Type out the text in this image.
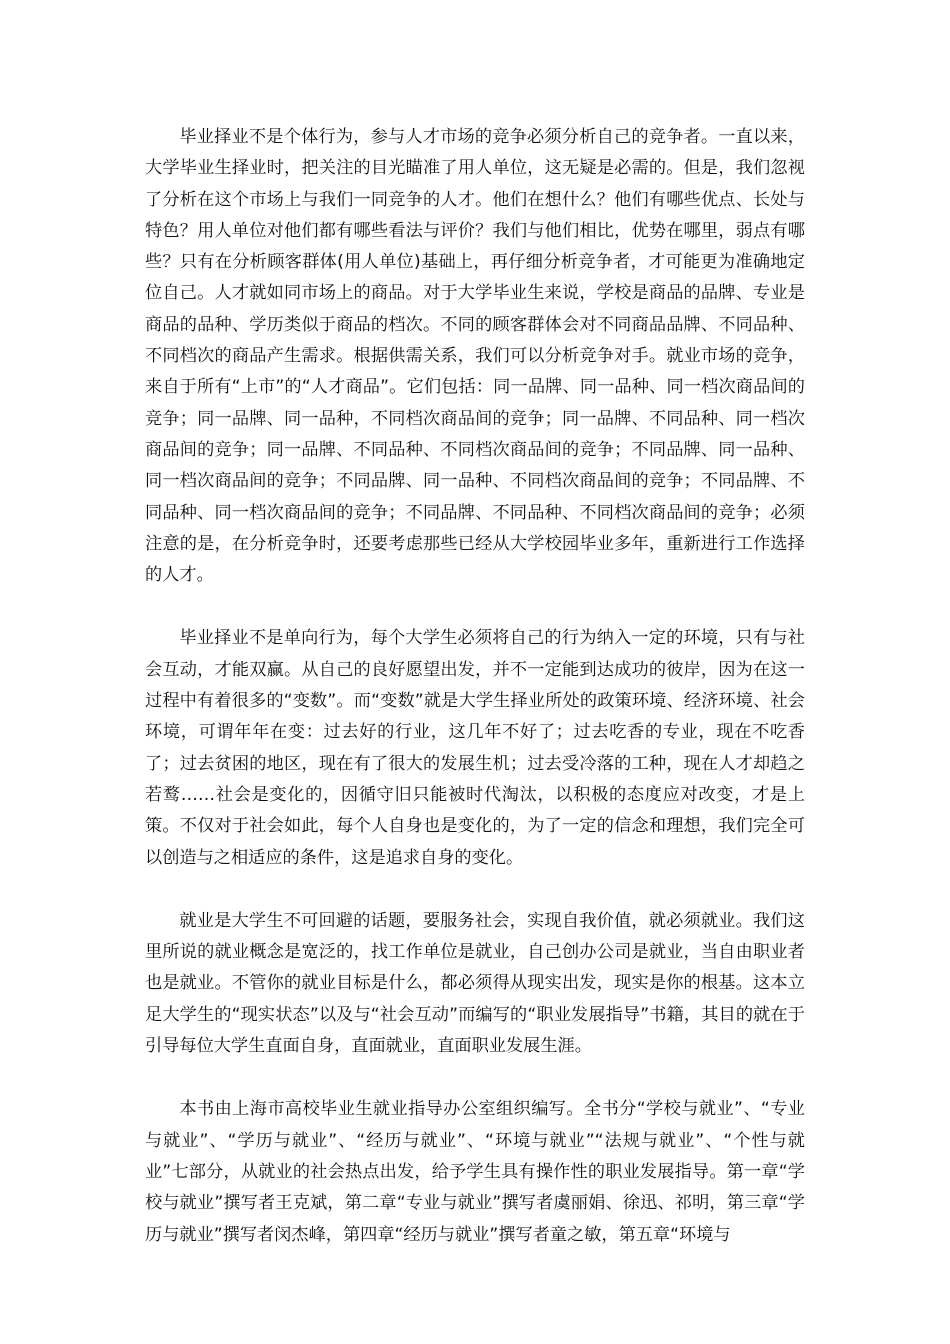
毕业择业不是个体行为，参与人才市场的竞争必须分析自己的竞争者。一直以来，大学毕业生择业时，把关注的目光瞄准了用人单位，这无疑是必需的。但是，我们忽视了分析在这个市场上与我们一同竞争的人才。他们在想什么？他们有哪些优点、长处与特色？用人单位对他们都有哪些看法与评价？我们与他们相比，优势在哪里，弱点有哪些？只有在分析顾客群体(用人单位)基础上，再仔细分析竞争者，才可能更为准确地定位自己。人才就如同市场上的商品。对于大学毕业生来说，学校是商品的品牌、专业是商品的品种、学历类似于商品的档次。不同的顾客群体会对不同商品品牌、不同品种、不同档次的商品产生需求。根据供需关系，我们可以分析竞争对手。就业市场的竞争，来自于所有“上市”的“人才商品”。它们包括：同一品牌、同一品种、同一档次商品间的竞争；同一品牌、同一品种，不同档次商品间的竞争；同一品牌、不同品种、同一档次商品间的竞争；同一品牌、不同品种、不同档次商品间的竞争；不同品牌、同一品种、同一档次商品间的竞争；不同品牌、同一品种、不同档次商品间的竞争；不同品牌、不同品种、同一档次商品间的竞争；不同品牌、不同品种、不同档次商品间的竞争；必须注意的是，在分析竞争时，还要考虑那些已经从大学校园毕业多年，重新进行工作选择的人才。

毕业择业不是单向行为，每个大学生必须将自己的行为纳入一定的环境，只有与社会互动，才能双赢。从自己的良好愿望出发，并不一定能到达成功的彼岸，因为在这一过程中有着很多的“变数”。而“变数”就是大学生择业所处的政策环境、经济环境、社会环境，可谓年年在变：过去好的行业，这几年不好了；过去吃香的专业，现在不吃香了；过去贫困的地区，现在有了很大的发展生机；过去受冷落的工种，现在人才却趋之若鹜……社会是变化的，因循守旧只能被时代淘汰，以积极的态度应对改变，才是上策。不仅对于社会如此，每个人自身也是变化的，为了一定的信念和理想，我们完全可以创造与之相适应的条件，这是追求自身的变化。

就业是大学生不可回避的话题，要服务社会，实现自我价值，就必须就业。我们这里所说的就业概念是宽泛的，找工作单位是就业，自己创办公司是就业，当自由职业者也是就业。不管你的就业目标是什么，都必须得从现实出发，现实是你的根基。这本立足大学生的“现实状态”以及与“社会互动”而编写的“职业发展指导”书籍，其目的就在于引导每位大学生直面自身，直面就业，直面职业发展生涯。

本书由上海市高校毕业生就业指导办公室组织编写。全书分“学校与就业”、“专业与就业”、“学历与就业”、“经历与就业”、“环境与就业”“法规与就业”、“个性与就业”七部分，从就业的社会热点出发，给予学生具有操作性的职业发展指导。第一章“学校与就业”撰写者王克斌，第二章“专业与就业”撰写者虞丽娟、徐迅、祁明，第三章“学历与就业”撰写者闵杰峰，第四章“经历与就业”撰写者童之敏，第五章“环境与
